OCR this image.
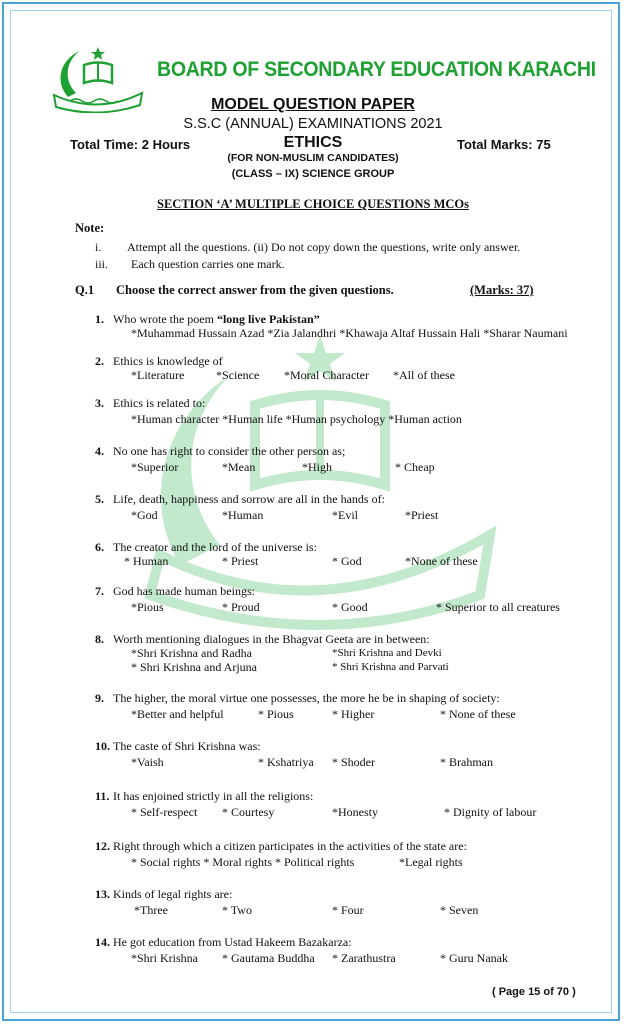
BOARD OF SECONDARY EDUCATION KARACHI
MODEL QUESTION PAPER
S.S.C (ANNUAL) EXAMINATIONS 2021
ETHICS
Total Time: 2 Hours	Total Marks: 75
(FOR NON-MUSLIM CANDIDATES)
(CLASS – IX) SCIENCE GROUP
SECTION ‘A’ MULTIPLE CHOICE QUESTIONS MCOs
Note:
i. Attempt all the questions. (ii) Do not copy down the questions, write only answer.
iii. Each question carries one mark.
Q.1 Choose the correct answer from the given questions.	(Marks: 37)
1. Who wrote the poem “long live Pakistan”
*Muhammad Hussain Azad *Zia Jalandhri *Khawaja Altaf Hussain Hali *Sharar Naumani
2. Ethics is knowledge of
*Literature	*Science *Moral Character *All of these
3. Ethics is related to:
*Human character *Human life *Human psychology *Human action
4. No one has right to consider the other person as;
*Superior	*Mean	*High	* Cheap
5. Life, death, happiness and sorrow are all in the hands of:
*God	*Human	*Evil	*Priest
6. The creator and the lord of the universe is:
* Human	* Priest	* God	*None of these
7. God has made human beings:
*Pious	* Proud	* Good	* Superior to all creatures
8. Worth mentioning dialogues in the Bhagvat Geeta are in between:
*Shri Krishna and Radha	*Shri Krishna and Devki
* Shri Krishna and Arjuna	* Shri Krishna and Parvati
9. The higher, the moral virtue one possesses, the more he be in shaping of society:
*Better and helpful	* Pious	* Higher	* None of these
10. The caste of Shri Krishna was:
*Vaish	* Kshatriya * Shoder	* Brahman
11. It has enjoined strictly in all the religions:
* Self-respect * Courtesy	*Honesty	* Dignity of labour
12. Right through which a citizen participates in the activities of the state are:
* Social rights * Moral rights * Political rights	*Legal rights
13. Kinds of legal rights are:
*Three	* Two	* Four	* Seven
14. He got education from Ustad Hakeem Bazakarza:
*Shri Krishna * Gautama Buddha * Zarathustra	* Guru Nanak
( Page 15 of 70 )
